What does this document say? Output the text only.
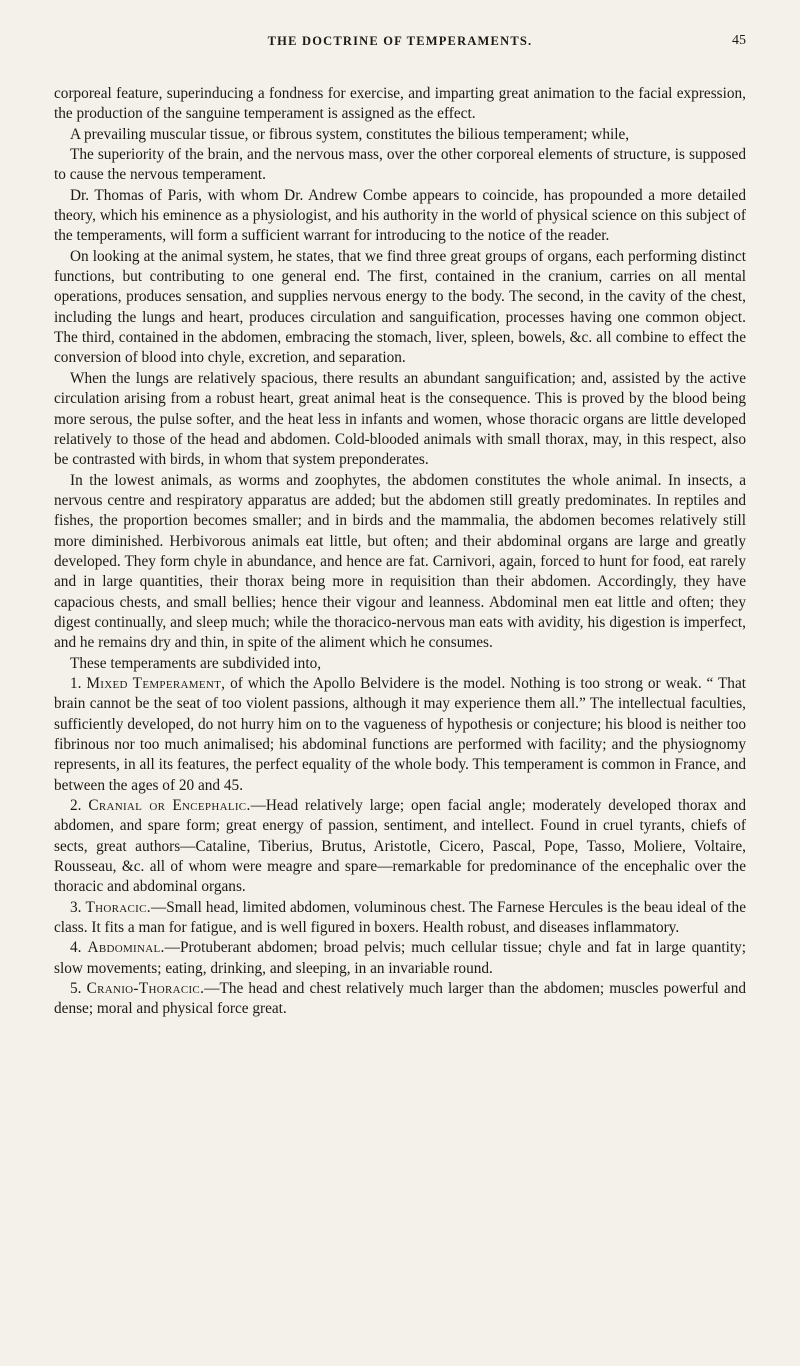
THE DOCTRINE OF TEMPERAMENTS.	45

corporeal feature, superinducing a fondness for exercise, and imparting great animation to the facial expression, the production of the sanguine temperament is assigned as the effect.

A prevailing muscular tissue, or fibrous system, constitutes the bilious temperament; while,

The superiority of the brain, and the nervous mass, over the other corporeal elements of structure, is supposed to cause the nervous temperament.

Dr. Thomas of Paris, with whom Dr. Andrew Combe appears to coincide, has propounded a more detailed theory, which his eminence as a physiologist, and his authority in the world of physical science on this subject of the temperaments, will form a sufficient warrant for introducing to the notice of the reader.

On looking at the animal system, he states, that we find three great groups of organs, each performing distinct functions, but contributing to one general end. The first, contained in the cranium, carries on all mental operations, produces sensation, and supplies nervous energy to the body. The second, in the cavity of the chest, including the lungs and heart, produces circulation and sanguification, processes having one common object. The third, contained in the abdomen, embracing the stomach, liver, spleen, bowels, &c. all combine to effect the conversion of blood into chyle, excretion, and separation.

When the lungs are relatively spacious, there results an abundant sanguification; and, assisted by the active circulation arising from a robust heart, great animal heat is the consequence. This is proved by the blood being more serous, the pulse softer, and the heat less in infants and women, whose thoracic organs are little developed relatively to those of the head and abdomen. Cold-blooded animals with small thorax, may, in this respect, also be contrasted with birds, in whom that system preponderates.

In the lowest animals, as worms and zoophytes, the abdomen constitutes the whole animal. In insects, a nervous centre and respiratory apparatus are added; but the abdomen still greatly predominates. In reptiles and fishes, the proportion becomes smaller; and in birds and the mammalia, the abdomen becomes relatively still more diminished. Herbivorous animals eat little, but often; and their abdominal organs are large and greatly developed. They form chyle in abundance, and hence are fat. Carnivori, again, forced to hunt for food, eat rarely and in large quantities, their thorax being more in requisition than their abdomen. Accordingly, they have capacious chests, and small bellies; hence their vigour and leanness. Abdominal men eat little and often; they digest continually, and sleep much; while the thoracico-nervous man eats with avidity, his digestion is imperfect, and he remains dry and thin, in spite of the aliment which he consumes.

These temperaments are subdivided into,

1. Mixed Temperament, of which the Apollo Belvidere is the model. Nothing is too strong or weak. “ That brain cannot be the seat of too violent passions, although it may experience them all.” The intellectual faculties, sufficiently developed, do not hurry him on to the vagueness of hypothesis or conjecture; his blood is neither too fibrinous nor too much animalised; his abdominal functions are performed with facility; and the physiognomy represents, in all its features, the perfect equality of the whole body. This temperament is common in France, and between the ages of 20 and 45.

2. Cranial or Encephalic.—Head relatively large; open facial angle; moderately developed thorax and abdomen, and spare form; great energy of passion, sentiment, and intellect. Found in cruel tyrants, chiefs of sects, great authors—Cataline, Tiberius, Brutus, Aristotle, Cicero, Pascal, Pope, Tasso, Moliere, Voltaire, Rousseau, &c. all of whom were meagre and spare—remarkable for predominance of the encephalic over the thoracic and abdominal organs.

3. Thoracic.—Small head, limited abdomen, voluminous chest. The Farnese Hercules is the beau ideal of the class. It fits a man for fatigue, and is well figured in boxers. Health robust, and diseases inflammatory.

4. Abdominal.—Protuberant abdomen; broad pelvis; much cellular tissue; chyle and fat in large quantity; slow movements; eating, drinking, and sleeping, in an invariable round.

5. Cranio-Thoracic.—The head and chest relatively much larger than the abdomen; muscles powerful and dense; moral and physical force great.
